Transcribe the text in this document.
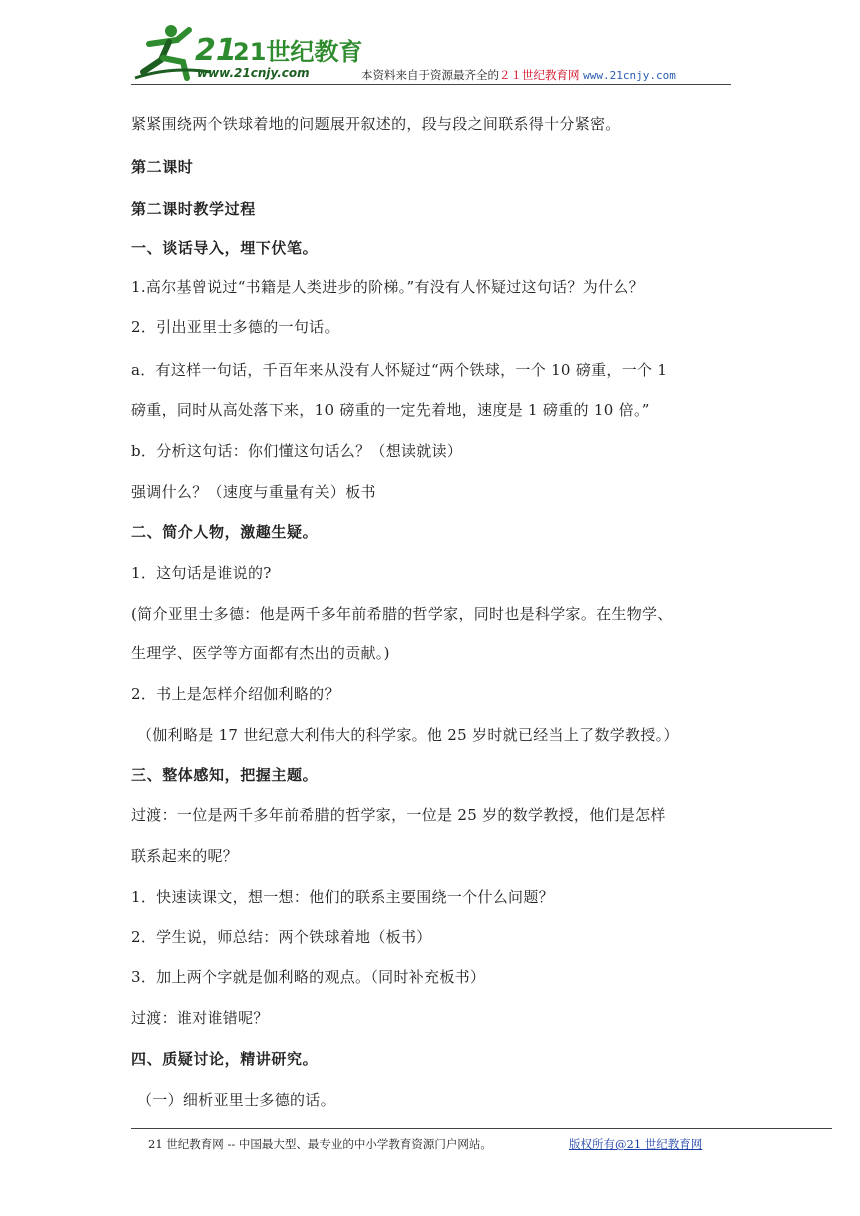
21
21世纪教育
www.21cnjy.com	本资料来自于资源最齐全的２１世纪教育网 www.21cnjy.com
紧紧围绕两个铁球着地的问题展开叙述的，段与段之间联系得十分紧密。
第二课时
第二课时教学过程
一、谈话导入，埋下伏笔。
1.高尔基曾说过“书籍是人类进步的阶梯。”有没有人怀疑过这句话？为什么？
2．引出亚里士多德的一句话。
a．有这样一句话，千百年来从没有人怀疑过“两个铁球，一个 10 磅重，一个 1
磅重，同时从高处落下来，10 磅重的一定先着地，速度是 1 磅重的 10 倍。”
b．分析这句话：你们懂这句话么？（想读就读）
强调什么？（速度与重量有关）板书
二、简介人物，激趣生疑。
1．这句话是谁说的?
(简介亚里士多德：他是两千多年前希腊的哲学家，同时也是科学家。在生物学、
生理学、医学等方面都有杰出的贡献。)
2．书上是怎样介绍伽利略的？
（伽利略是 17 世纪意大利伟大的科学家。他 25 岁时就已经当上了数学教授。）
三、整体感知，把握主题。
过渡：一位是两千多年前希腊的哲学家，一位是 25 岁的数学教授，他们是怎样
联系起来的呢？
1．快速读课文，想一想：他们的联系主要围绕一个什么问题？
2．学生说，师总结：两个铁球着地（板书）
3．加上两个字就是伽利略的观点。（同时补充板书）
过渡：谁对谁错呢？
四、质疑讨论，精讲研究。
（一）细析亚里士多德的话。
21 世纪教育网 -- 中国最大型、最专业的中小学教育资源门户网站。	版权所有@21 世纪教育网
